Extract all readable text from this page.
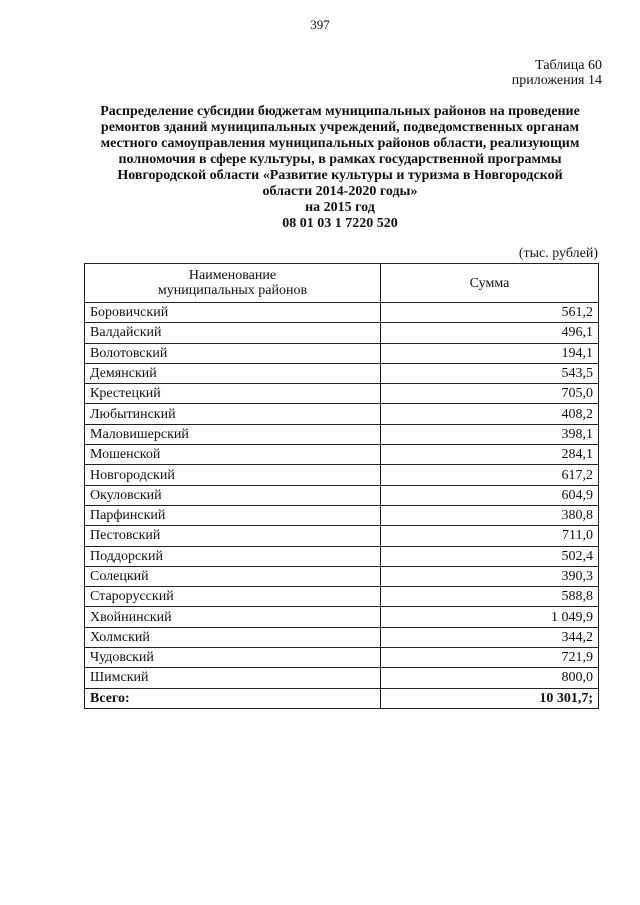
397
Таблица 60
приложения 14
Распределение субсидии бюджетам муниципальных районов на проведение
ремонтов зданий муниципальных учреждений, подведомственных органам
местного самоуправления муниципальных районов области, реализующим
полномочия в сфере культуры, в рамках государственной программы
Новгородской области «Развитие культуры и туризма в Новгородской
области 2014-2020 годы»
на 2015 год
08 01 03 1 7220 520
(тыс. рублей)
Наименование
муниципальных районов	Сумма
Боровичский	561,2
Валдайский	496,1
Волотовский	194,1
Демянский	543,5
Крестецкий	705,0
Любытинский	408,2
Маловишерский	398,1
Мошенской	284,1
Новгородский	617,2
Окуловский	604,9
Парфинский	380,8
Пестовский	711,0
Поддорский	502,4
Солецкий	390,3
Старорусский	588,8
Хвойнинский	1 049,9
Холмский	344,2
Чудовский	721,9
Шимский	800,0
Всего:	10 301,7;
